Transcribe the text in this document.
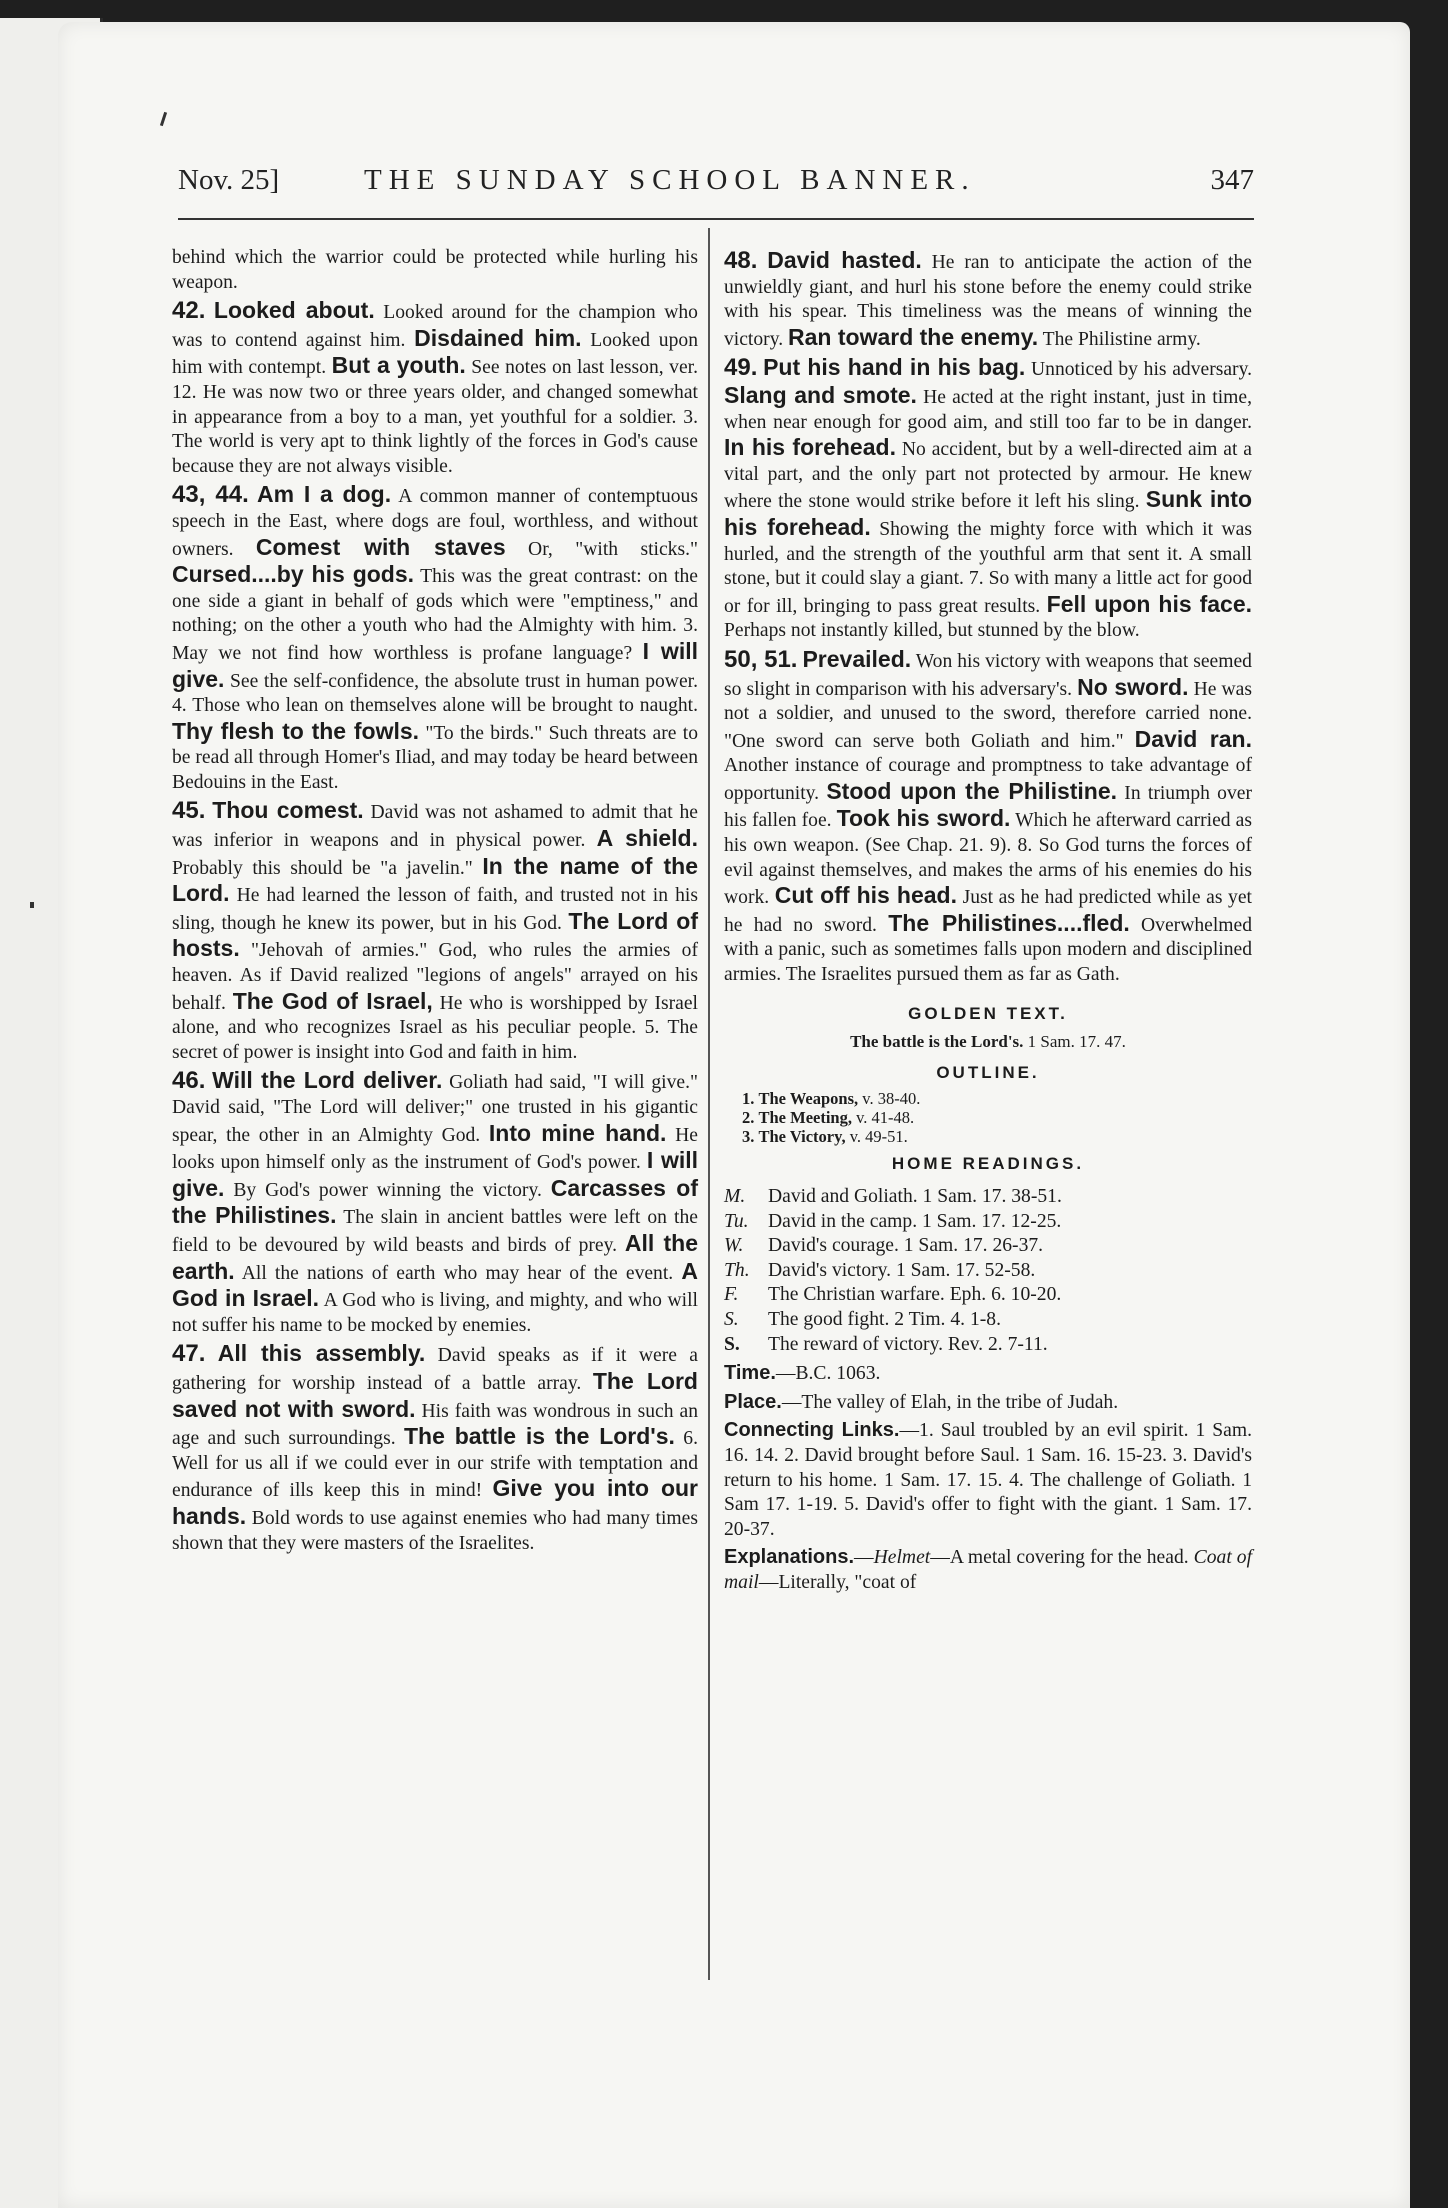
Nov. 25]	THE SUNDAY SCHOOL BANNER.	347

behind which the warrior could be protected while hurling his weapon.

42. Looked about. Looked around for the champion who was to contend against him. Disdained him. Looked upon him with contempt. But a youth. See notes on last lesson, ver. 12. He was now two or three years older, and changed somewhat in appearance from a boy to a man, yet youthful for a soldier. 3. The world is very apt to think lightly of the forces in God's cause because they are not always visible.

43, 44. Am I a dog. A common manner of contemptuous speech in the East, where dogs are foul, worthless, and without owners. Comest with staves Or, "with sticks." Cursed....by his gods. This was the great contrast: on the one side a giant in behalf of gods which were "emptiness," and nothing; on the other a youth who had the Almighty with him. 3. May we not find how worthless is profane language? I will give. See the self-confidence, the absolute trust in human power. 4. Those who lean on themselves alone will be brought to naught. Thy flesh to the fowls. "To the birds." Such threats are to be read all through Homer's Iliad, and may today be heard between Bedouins in the East.

45. Thou comest. David was not ashamed to admit that he was inferior in weapons and in physical power. A shield. Probably this should be "a javelin." In the name of the Lord. He had learned the lesson of faith, and trusted not in his sling, though he knew its power, but in his God. The Lord of hosts. "Jehovah of armies." God, who rules the armies of heaven. As if David realized "legions of angels" arrayed on his behalf. The God of Israel, He who is worshipped by Israel alone, and who recognizes Israel as his peculiar people. 5. The secret of power is insight into God and faith in him.

46. Will the Lord deliver. Goliath had said, "I will give." David said, "The Lord will deliver;" one trusted in his gigantic spear, the other in an Almighty God. Into mine hand. He looks upon himself only as the instrument of God's power. I will give. By God's power winning the victory. Carcasses of the Philistines. The slain in ancient battles were left on the field to be devoured by wild beasts and birds of prey. All the earth. All the nations of earth who may hear of the event. A God in Israel. A God who is living, and mighty, and who will not suffer his name to be mocked by enemies.

47. All this assembly. David speaks as if it were a gathering for worship instead of a battle array. The Lord saved not with sword. His faith was wondrous in such an age and such surroundings. The battle is the Lord's. 6. Well for us all if we could ever in our strife with temptation and endurance of ills keep this in mind! Give you into our hands. Bold words to use against enemies who had many times shown that they were masters of the Israelites.

48. David hasted. He ran to anticipate the action of the unwieldly giant, and hurl his stone before the enemy could strike with his spear. This timeliness was the means of winning the victory. Ran toward the enemy. The Philistine army.

49. Put his hand in his bag. Unnoticed by his adversary. Slang and smote. He acted at the right instant, just in time, when near enough for good aim, and still too far to be in danger. In his forehead. No accident, but by a well-directed aim at a vital part, and the only part not protected by armour. He knew where the stone would strike before it left his sling. Sunk into his forehead. Showing the mighty force with which it was hurled, and the strength of the youthful arm that sent it. A small stone, but it could slay a giant. 7. So with many a little act for good or for ill, bringing to pass great results. Fell upon his face. Perhaps not instantly killed, but stunned by the blow.

50, 51. Prevailed. Won his victory with weapons that seemed so slight in comparison with his adversary's. No sword. He was not a soldier, and unused to the sword, therefore carried none. "One sword can serve both Goliath and him." David ran. Another instance of courage and promptness to take advantage of opportunity. Stood upon the Philistine. In triumph over his fallen foe. Took his sword. Which he afterward carried as his own weapon. (See Chap. 21. 9). 8. So God turns the forces of evil against themselves, and makes the arms of his enemies do his work. Cut off his head. Just as he had predicted while as yet he had no sword. The Philistines....fled. Overwhelmed with a panic, such as sometimes falls upon modern and disciplined armies. The Israelites pursued them as far as Gath.

GOLDEN TEXT.
The battle is the Lord's. 1 Sam. 17. 47.
OUTLINE.
1. The Weapons, v. 38-40.
2. The Meeting, v. 41-48.
3. The Victory, v. 49-51.
HOME READINGS.
M. David and Goliath. 1 Sam. 17. 38-51.
Tu. David in the camp. 1 Sam. 17. 12-25.
W. David's courage. 1 Sam. 17. 26-37.
Th. David's victory. 1 Sam. 17. 52-58.
F. The Christian warfare. Eph. 6. 10-20.
S. The good fight. 2 Tim. 4. 1-8.
S. The reward of victory. Rev. 2. 7-11.

Time.—B.C. 1063.

Place.—The valley of Elah, in the tribe of Judah.

Connecting Links.—1. Saul troubled by an evil spirit. 1 Sam. 16. 14. 2. David brought before Saul. 1 Sam. 16. 15-23. 3. David's return to his home. 1 Sam. 17. 15. 4. The challenge of Goliath. 1 Sam 17. 1-19. 5. David's offer to fight with the giant. 1 Sam. 17. 20-37.

Explanations.—Helmet—A metal covering for the head. Coat of mail—Literally, "coat of
